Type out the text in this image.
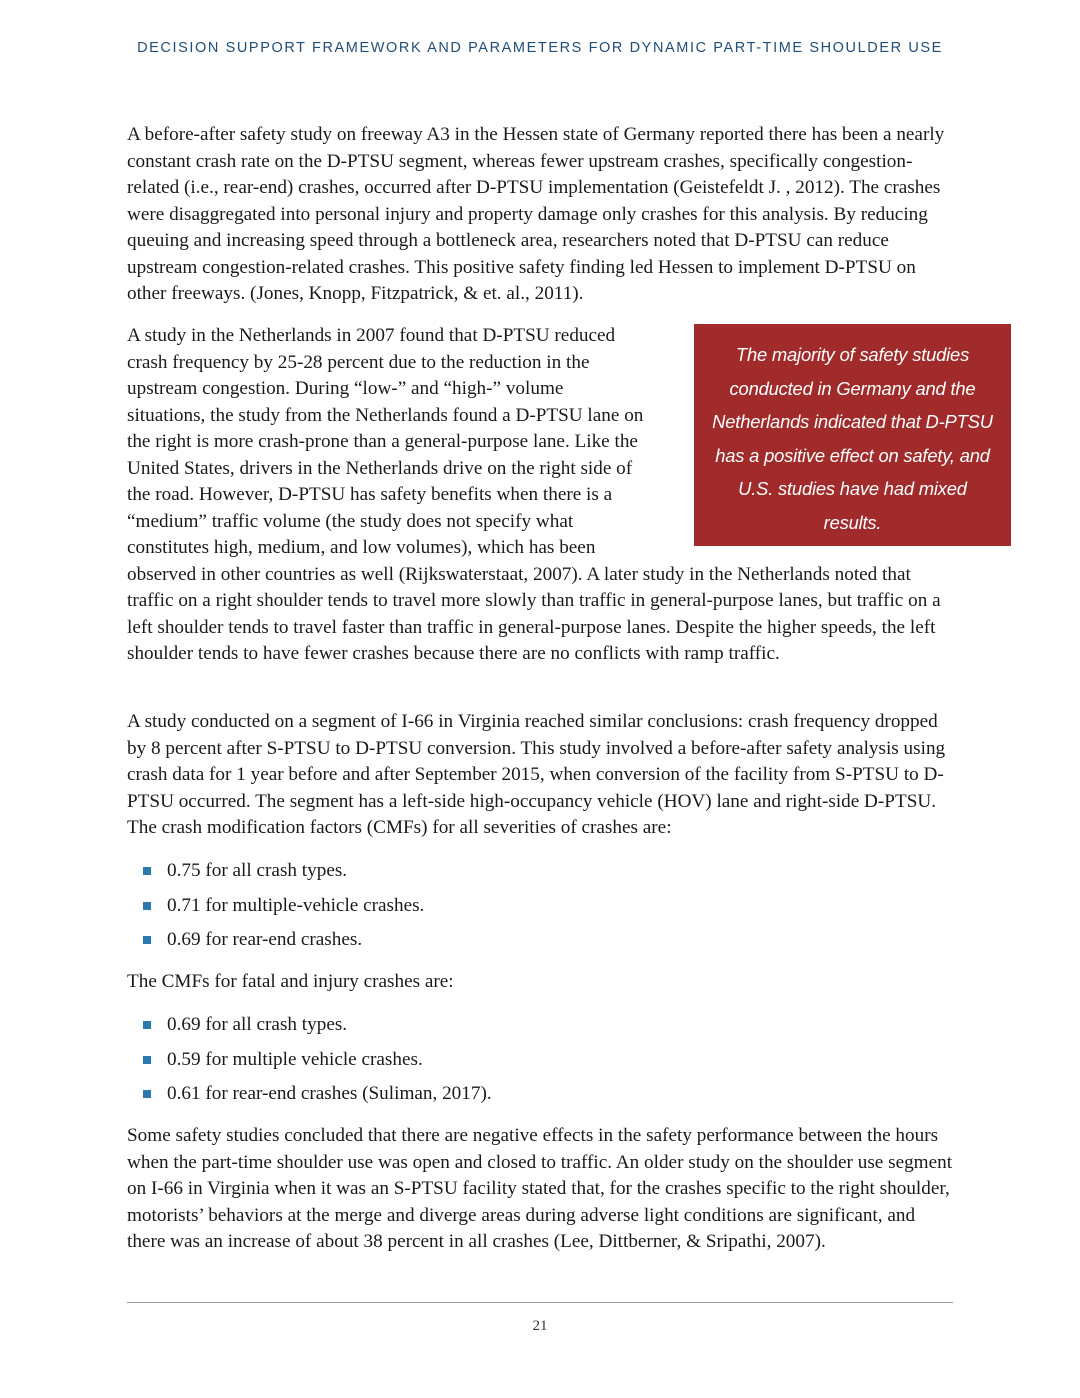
DECISION SUPPORT FRAMEWORK AND PARAMETERS FOR DYNAMIC PART-TIME SHOULDER USE

A before-after safety study on freeway A3 in the Hessen state of Germany reported there has been a nearly constant crash rate on the D-PTSU segment, whereas fewer upstream crashes, specifically congestion-related (i.e., rear-end) crashes, occurred after D-PTSU implementation (Geistefeldt J. , 2012). The crashes were disaggregated into personal injury and property damage only crashes for this analysis. By reducing queuing and increasing speed through a bottleneck area, researchers noted that D-PTSU can reduce upstream congestion-related crashes. This positive safety finding led Hessen to implement D-PTSU on other freeways. (Jones, Knopp, Fitzpatrick, & et. al., 2011).

A study in the Netherlands in 2007 found that D-PTSU reduced crash frequency by 25-28 percent due to the reduction in the upstream congestion. During “low-” and “high-” volume situations, the study from the Netherlands found a D-PTSU lane on the right is more crash-prone than a general-purpose lane. Like the United States, drivers in the Netherlands drive on the right side of the road. However, D-PTSU has safety benefits when there is a “medium” traffic volume (the study does not specify what constitutes high, medium, and low volumes), which has been observed in other countries as well (Rijkswaterstaat, 2007). A later study in the Netherlands noted that traffic on a right shoulder tends to travel more slowly than traffic in general-purpose lanes, but traffic on a left shoulder tends to travel faster than traffic in general-purpose lanes. Despite the higher speeds, the left shoulder tends to have fewer crashes because there are no conflicts with ramp traffic.

The majority of safety studies conducted in Germany and the Netherlands indicated that D-PTSU has a positive effect on safety, and U.S. studies have had mixed results.

A study conducted on a segment of I-66 in Virginia reached similar conclusions: crash frequency dropped by 8 percent after S-PTSU to D-PTSU conversion. This study involved a before-after safety analysis using crash data for 1 year before and after September 2015, when conversion of the facility from S-PTSU to D-PTSU occurred. The segment has a left-side high-occupancy vehicle (HOV) lane and right-side D-PTSU. The crash modification factors (CMFs) for all severities of crashes are:

0.75 for all crash types.
0.71 for multiple-vehicle crashes.
0.69 for rear-end crashes.

The CMFs for fatal and injury crashes are:

0.69 for all crash types.
0.59 for multiple vehicle crashes.
0.61 for rear-end crashes (Suliman, 2017).

Some safety studies concluded that there are negative effects in the safety performance between the hours when the part-time shoulder use was open and closed to traffic. An older study on the shoulder use segment on I-66 in Virginia when it was an S-PTSU facility stated that, for the crashes specific to the right shoulder, motorists’ behaviors at the merge and diverge areas during adverse light conditions are significant, and there was an increase of about 38 percent in all crashes (Lee, Dittberner, & Sripathi, 2007).

21
